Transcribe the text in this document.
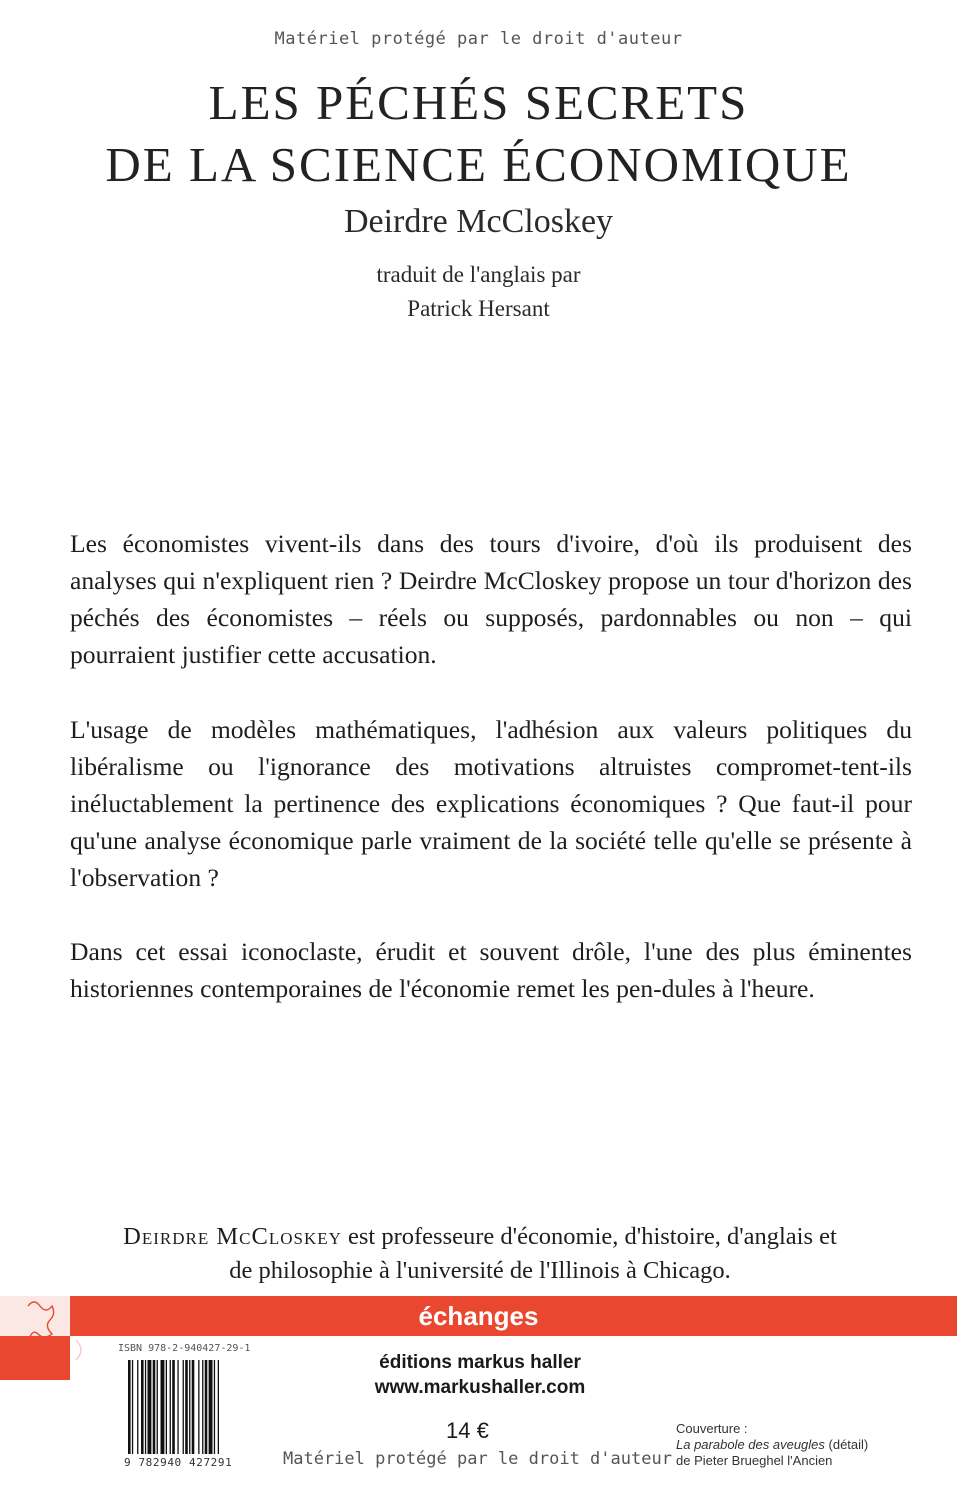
Matériel protégé par le droit d'auteur
LES PÉCHÉS SECRETS
DE LA SCIENCE ÉCONOMIQUE
Deirdre McCloskey
traduit de l'anglais par
Patrick Hersant

Les économistes vivent-ils dans des tours d'ivoire, d'où ils produisent des analyses qui n'expliquent rien ? Deirdre McCloskey propose un tour d'horizon des péchés des économistes – réels ou supposés, pardonnables ou non – qui pourraient justifier cette accusation.

L'usage de modèles mathématiques, l'adhésion aux valeurs politiques du libéralisme ou l'ignorance des motivations altruistes compromet-tent-ils inéluctablement la pertinence des explications économiques ? Que faut-il pour qu'une analyse économique parle vraiment de la société telle qu'elle se présente à l'observation ?

Dans cet essai iconoclaste, érudit et souvent drôle, l'une des plus éminentes historiennes contemporaines de l'économie remet les pen-dules à l'heure.

Deirdre McCloskey est professeure d'économie, d'histoire, d'anglais et
de philosophie à l'université de l'Illinois à Chicago.
échanges
ISBN 978-2-940427-29-1
9 782940 427291
éditions markus haller
www.markushaller.com
14 €
Matériel protégé par le droit d'auteur
Couverture :
La parabole des aveugles (détail)
de Pieter Brueghel l'Ancien
